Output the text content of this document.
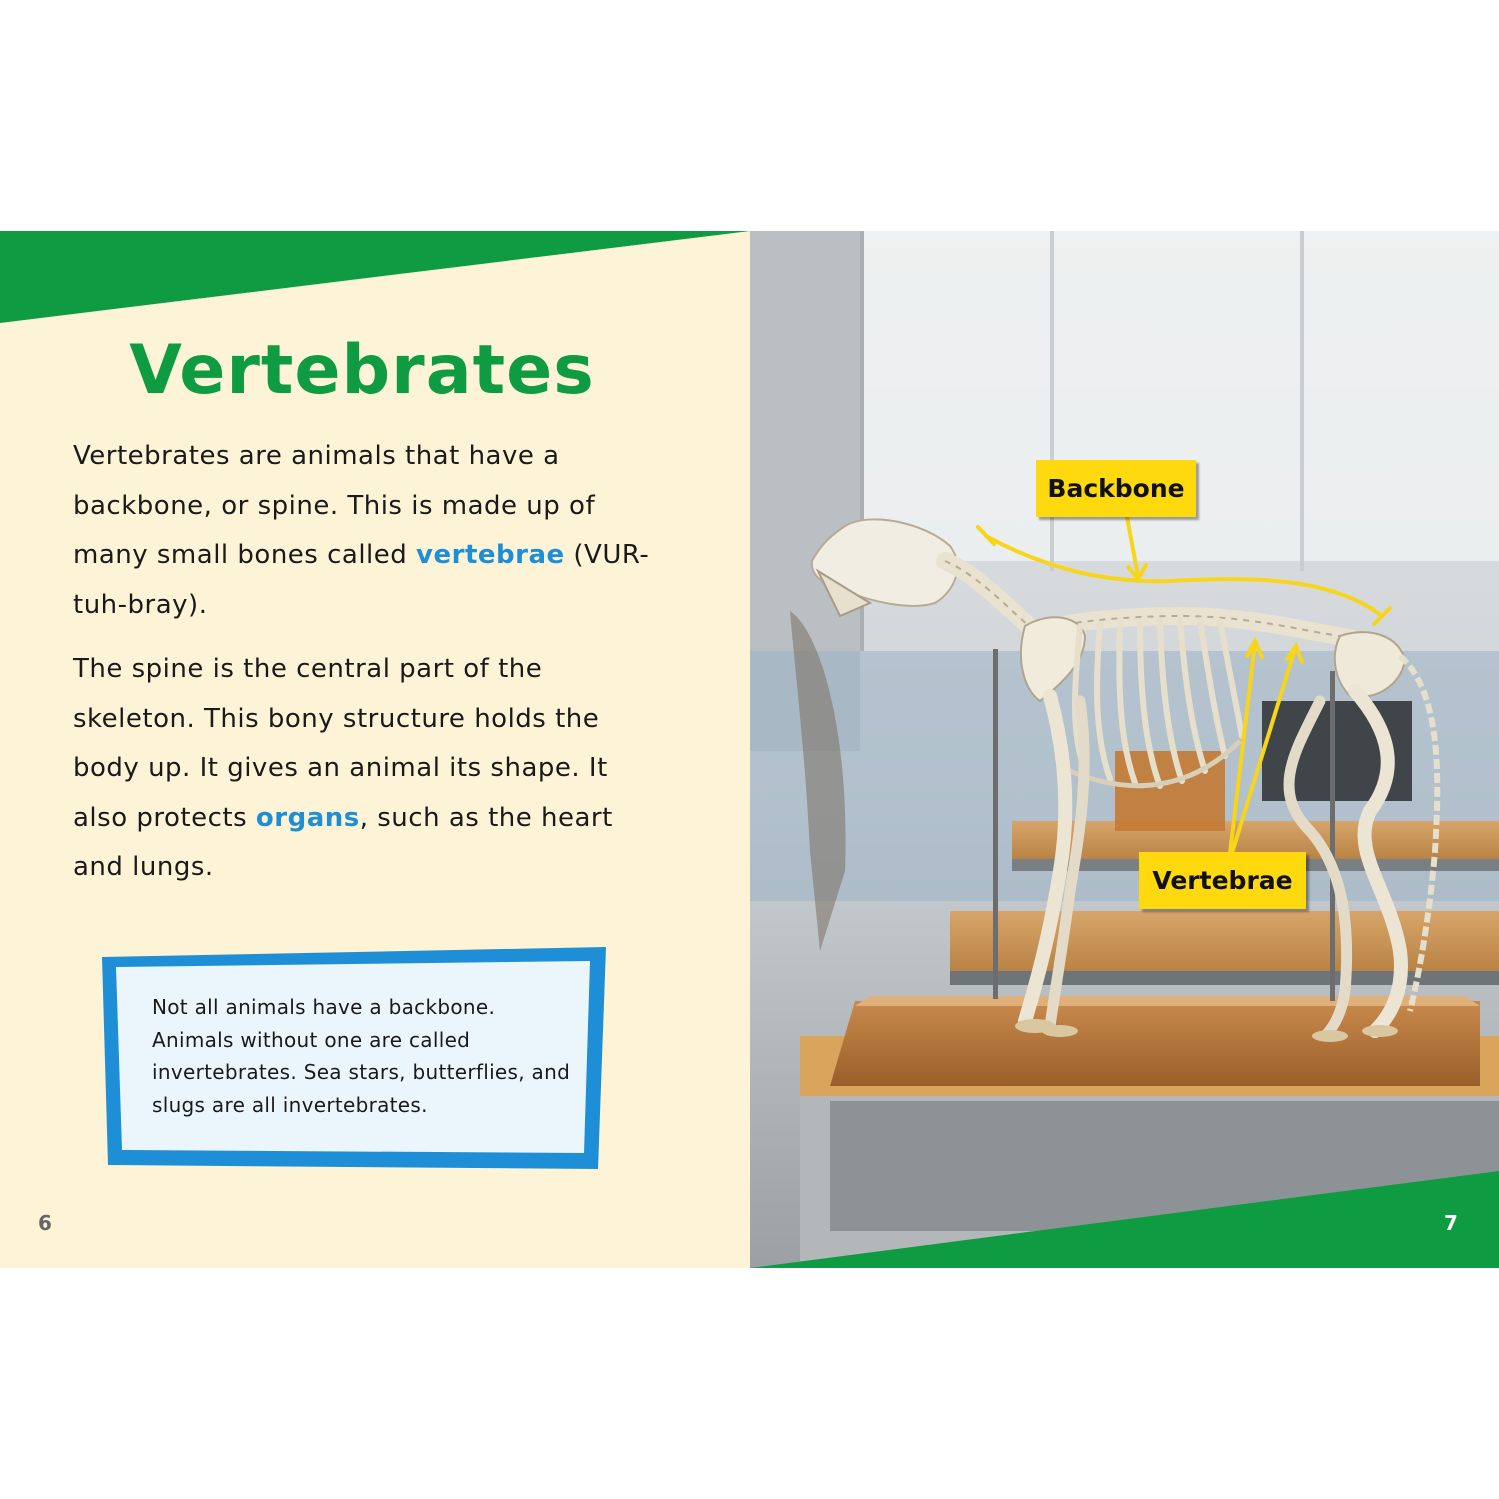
Vertebrates

Vertebrates are animals that have a backbone, or spine. This is made up of many small bones called vertebrae (VUR-tuh-bray).

The spine is the central part of the skeleton. This bony structure holds the body up. It gives an animal its shape. It also protects organs, such as the heart and lungs.

Not all animals have a backbone. Animals without one are called invertebrates. Sea stars, butterflies, and slugs are all invertebrates.

6
Backbone
Vertebrae
7
